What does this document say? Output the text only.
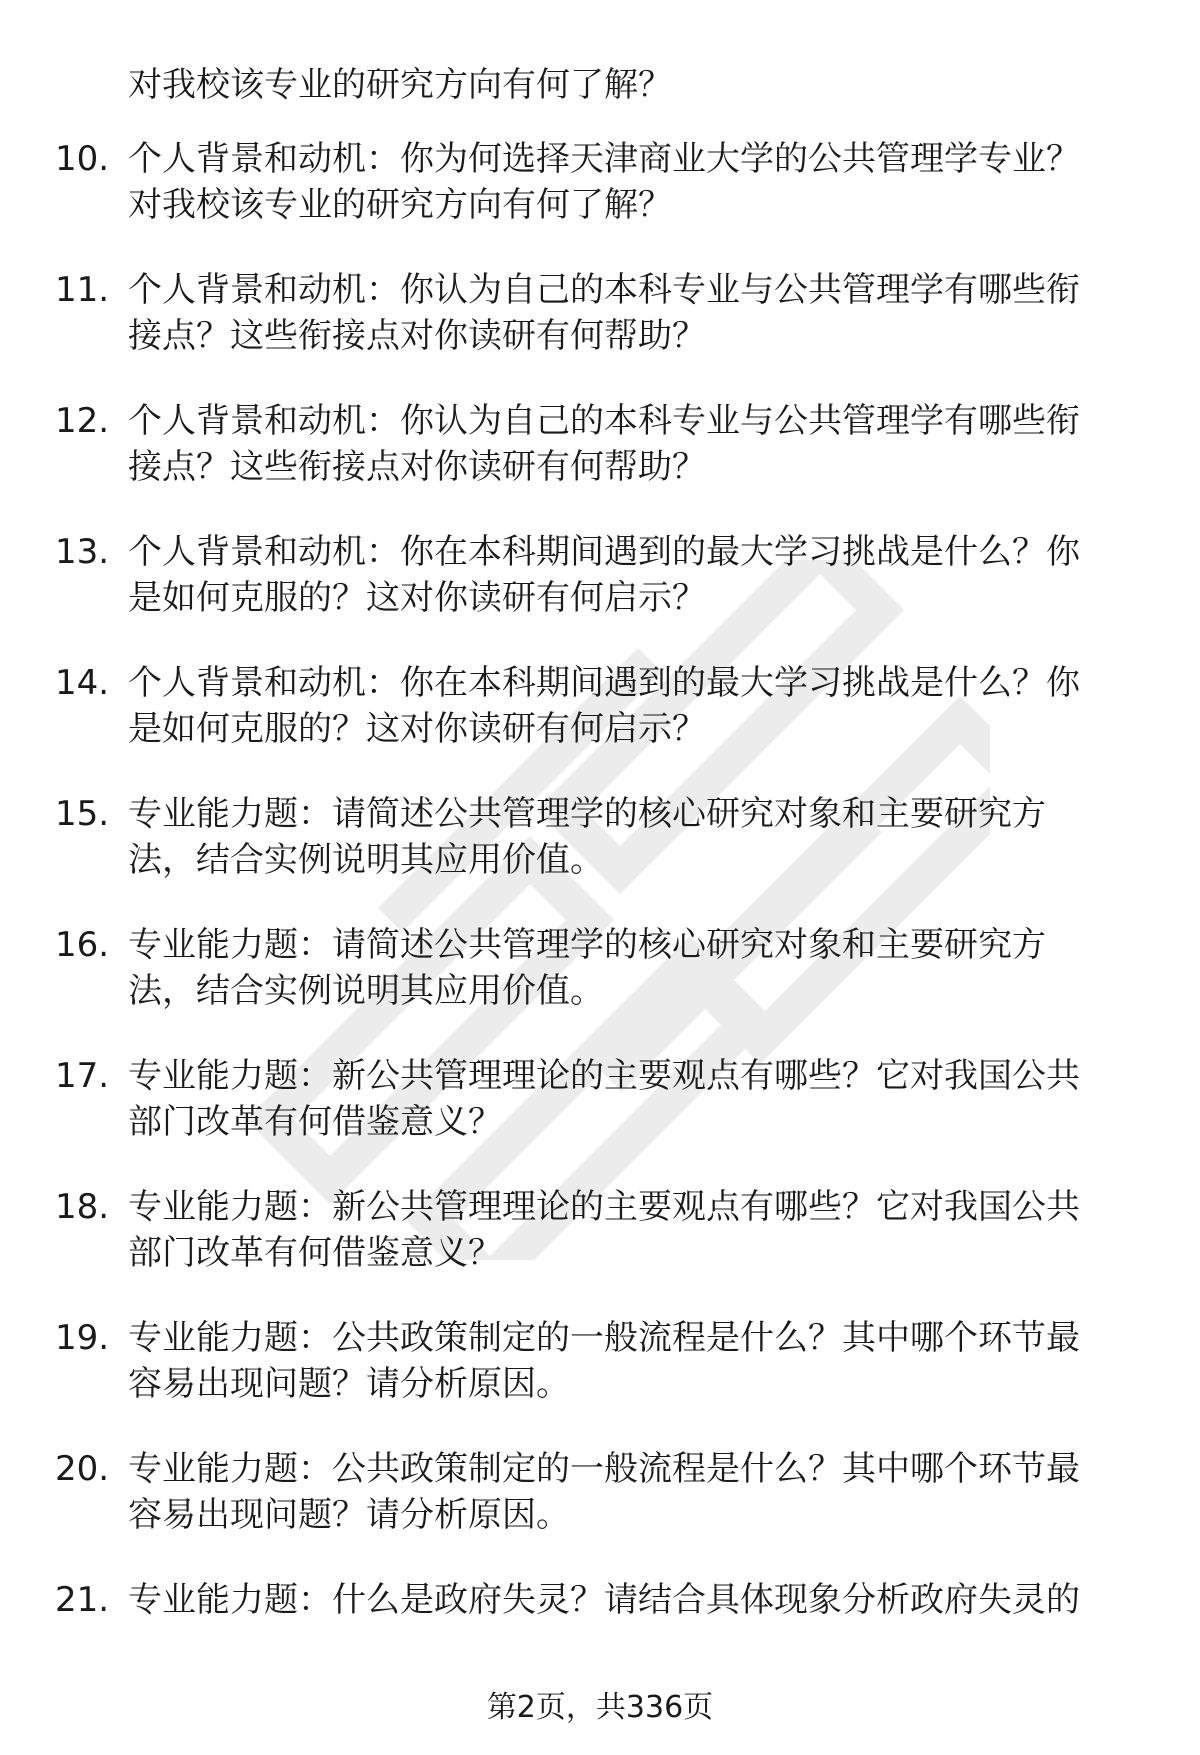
对我校该专业的研究方向有何了解？
10. 个人背景和动机：你为何选择天津商业大学的公共管理学专业？
对我校该专业的研究方向有何了解？
11. 个人背景和动机：你认为自己的本科专业与公共管理学有哪些衔
接点？这些衔接点对你读研有何帮助？
12. 个人背景和动机：你认为自己的本科专业与公共管理学有哪些衔
接点？这些衔接点对你读研有何帮助？
13. 个人背景和动机：你在本科期间遇到的最大学习挑战是什么？你
是如何克服的？这对你读研有何启示？
14. 个人背景和动机：你在本科期间遇到的最大学习挑战是什么？你
是如何克服的？这对你读研有何启示？
15. 专业能力题：请简述公共管理学的核心研究对象和主要研究方
法，结合实例说明其应用价值。
16. 专业能力题：请简述公共管理学的核心研究对象和主要研究方
法，结合实例说明其应用价值。
17. 专业能力题：新公共管理理论的主要观点有哪些？它对我国公共
部门改革有何借鉴意义？
18. 专业能力题：新公共管理理论的主要观点有哪些？它对我国公共
部门改革有何借鉴意义？
19. 专业能力题：公共政策制定的一般流程是什么？其中哪个环节最
容易出现问题？请分析原因。
20. 专业能力题：公共政策制定的一般流程是什么？其中哪个环节最
容易出现问题？请分析原因。
21. 专业能力题：什么是政府失灵？请结合具体现象分析政府失灵的
第2页，共336页
